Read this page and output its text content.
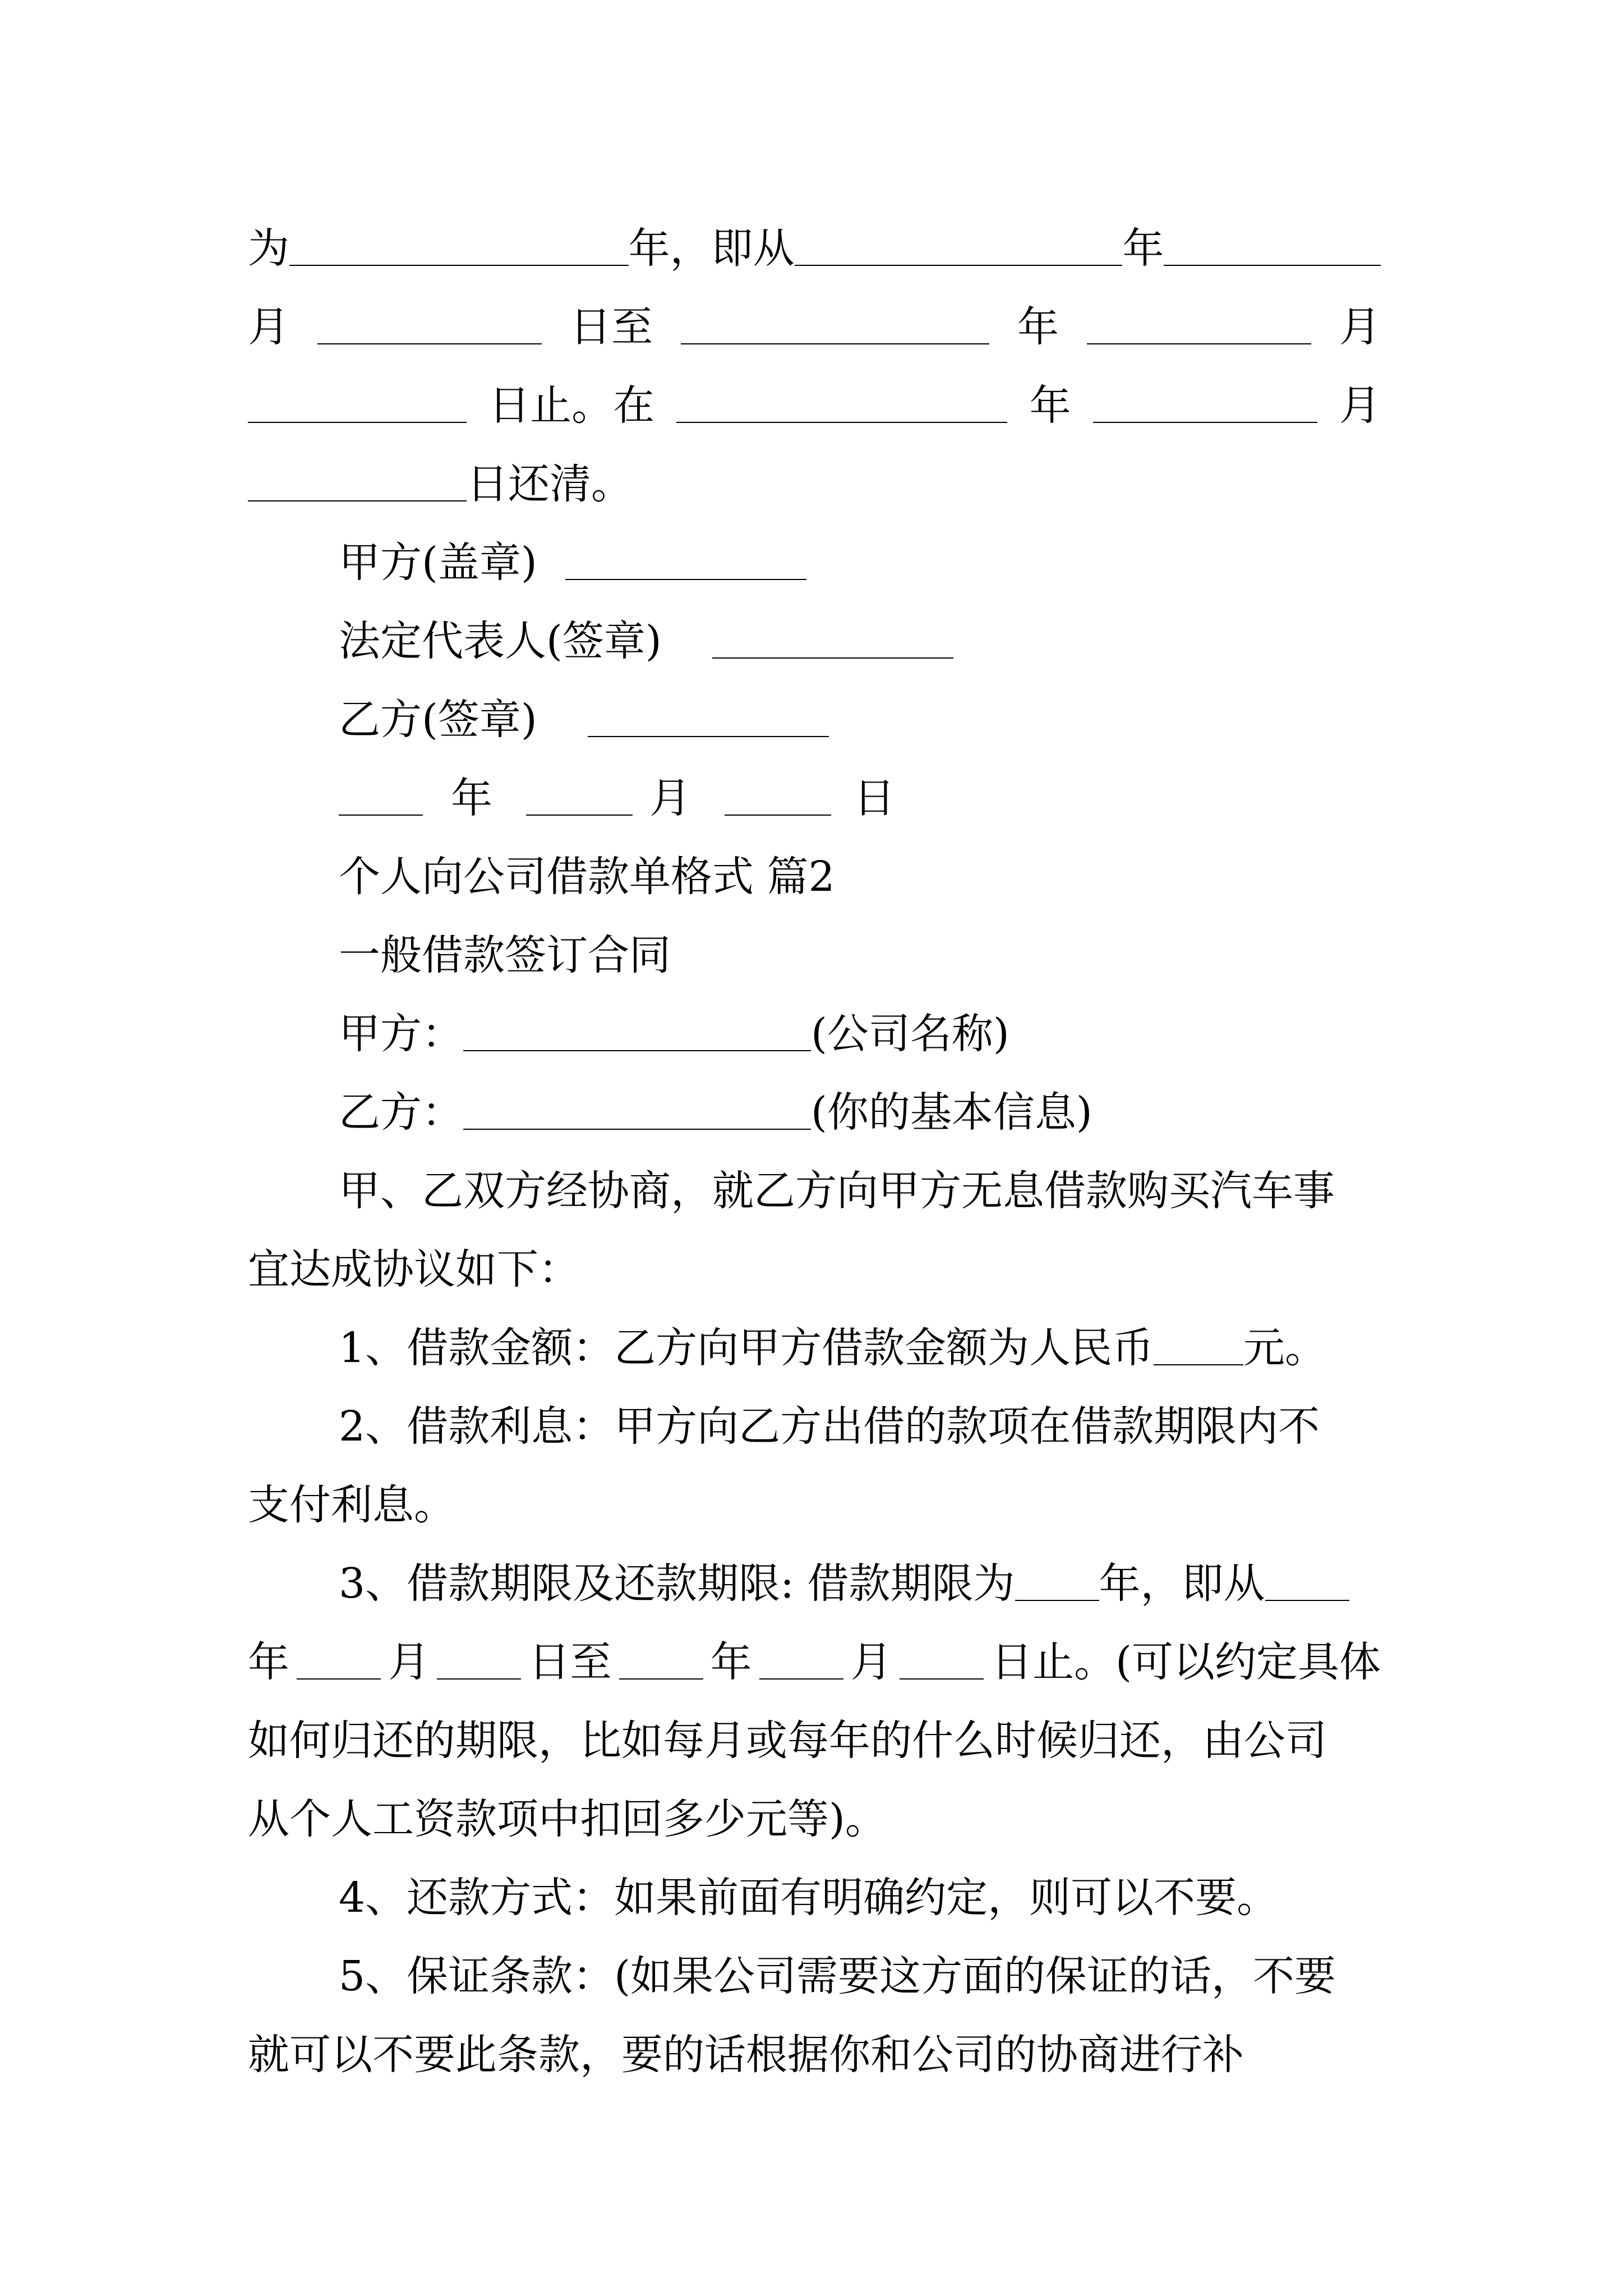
为	年，即从	年
月	日至	年	月
日止。在	年	月
日还清。
甲方(盖章)
法定代表人(签章)
乙方(签章)
年	月	日
个人向公司借款单格式 篇2
一般借款签订合同
甲方：	(公司名称)
乙方：	(你的基本信息)
甲、乙双方经协商，就乙方向甲方无息借款购买汽车事
宜达成协议如下：
1、借款金额：乙方向甲方借款金额为人民币 元。
2、借款利息：甲方向乙方出借的款项在借款期限内不
支付利息。
3、借款期限及还款期限: 借款期限为 年，即从
年 月 日至 年 月 日止。(可以约定具体
如何归还的期限，比如每月或每年的什么时候归还，由公司
从个人工资款项中扣回多少元等)。
4、还款方式：如果前面有明确约定，则可以不要。
5、保证条款：(如果公司需要这方面的保证的话，不要
就可以不要此条款，要的话根据你和公司的协商进行补
